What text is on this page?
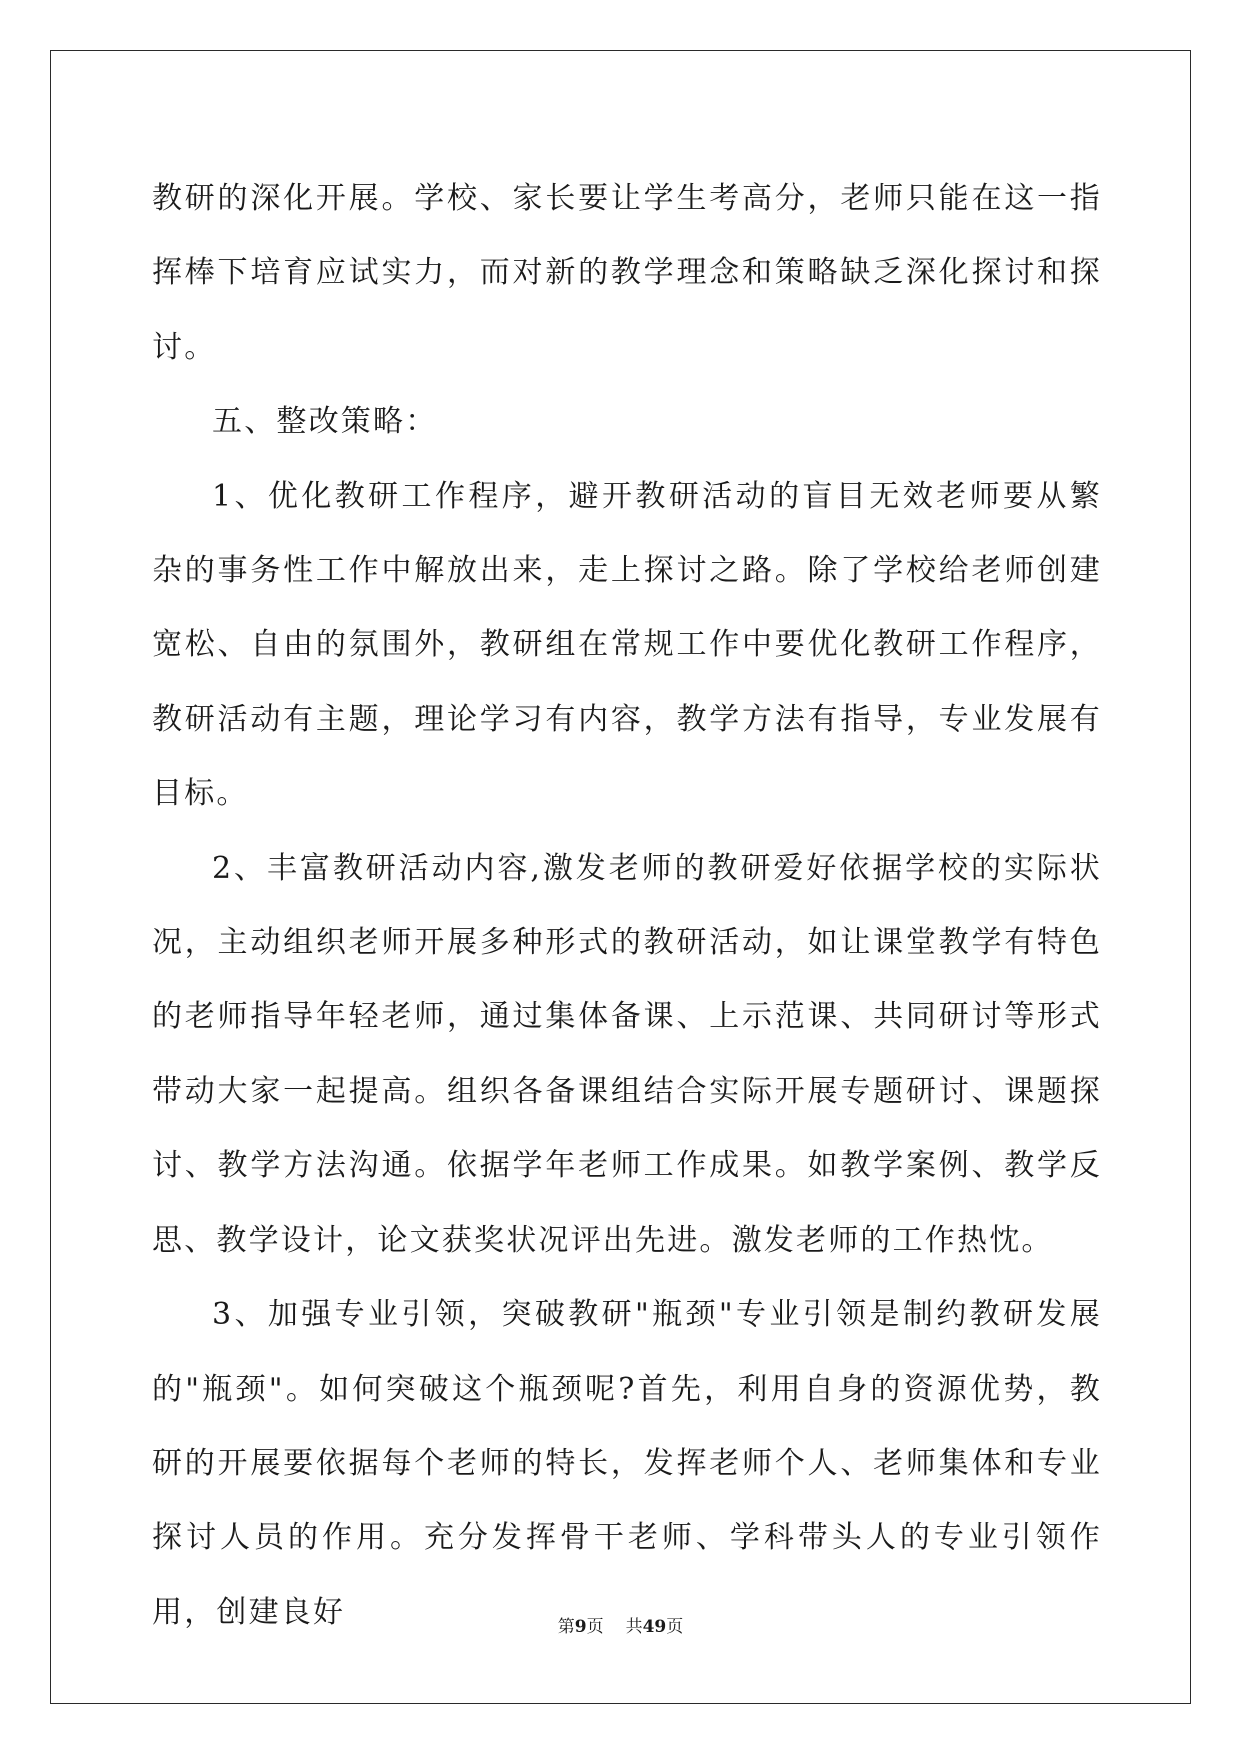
教研的深化开展。学校、家长要让学生考高分，老师只能在这一指挥棒下培育应试实力，而对新的教学理念和策略缺乏深化探讨和探讨。

五、整改策略：

1、优化教研工作程序，避开教研活动的盲目无效老师要从繁杂的事务性工作中解放出来，走上探讨之路。除了学校给老师创建宽松、自由的氛围外，教研组在常规工作中要优化教研工作程序，教研活动有主题，理论学习有内容，教学方法有指导，专业发展有目标。

2、丰富教研活动内容,激发老师的教研爱好依据学校的实际状况，主动组织老师开展多种形式的教研活动，如让课堂教学有特色的老师指导年轻老师，通过集体备课、上示范课、共同研讨等形式带动大家一起提高。组织各备课组结合实际开展专题研讨、课题探讨、教学方法沟通。依据学年老师工作成果。如教学案例、教学反思、教学设计，论文获奖状况评出先进。激发老师的工作热忱。

3、加强专业引领，突破教研"瓶颈"专业引领是制约教研发展的"瓶颈"。如何突破这个瓶颈呢?首先，利用自身的资源优势，教研的开展要依据每个老师的特长，发挥老师个人、老师集体和专业探讨人员的作用。充分发挥骨干老师、学科带头人的专业引领作用，创建良好	第9页 共49页
